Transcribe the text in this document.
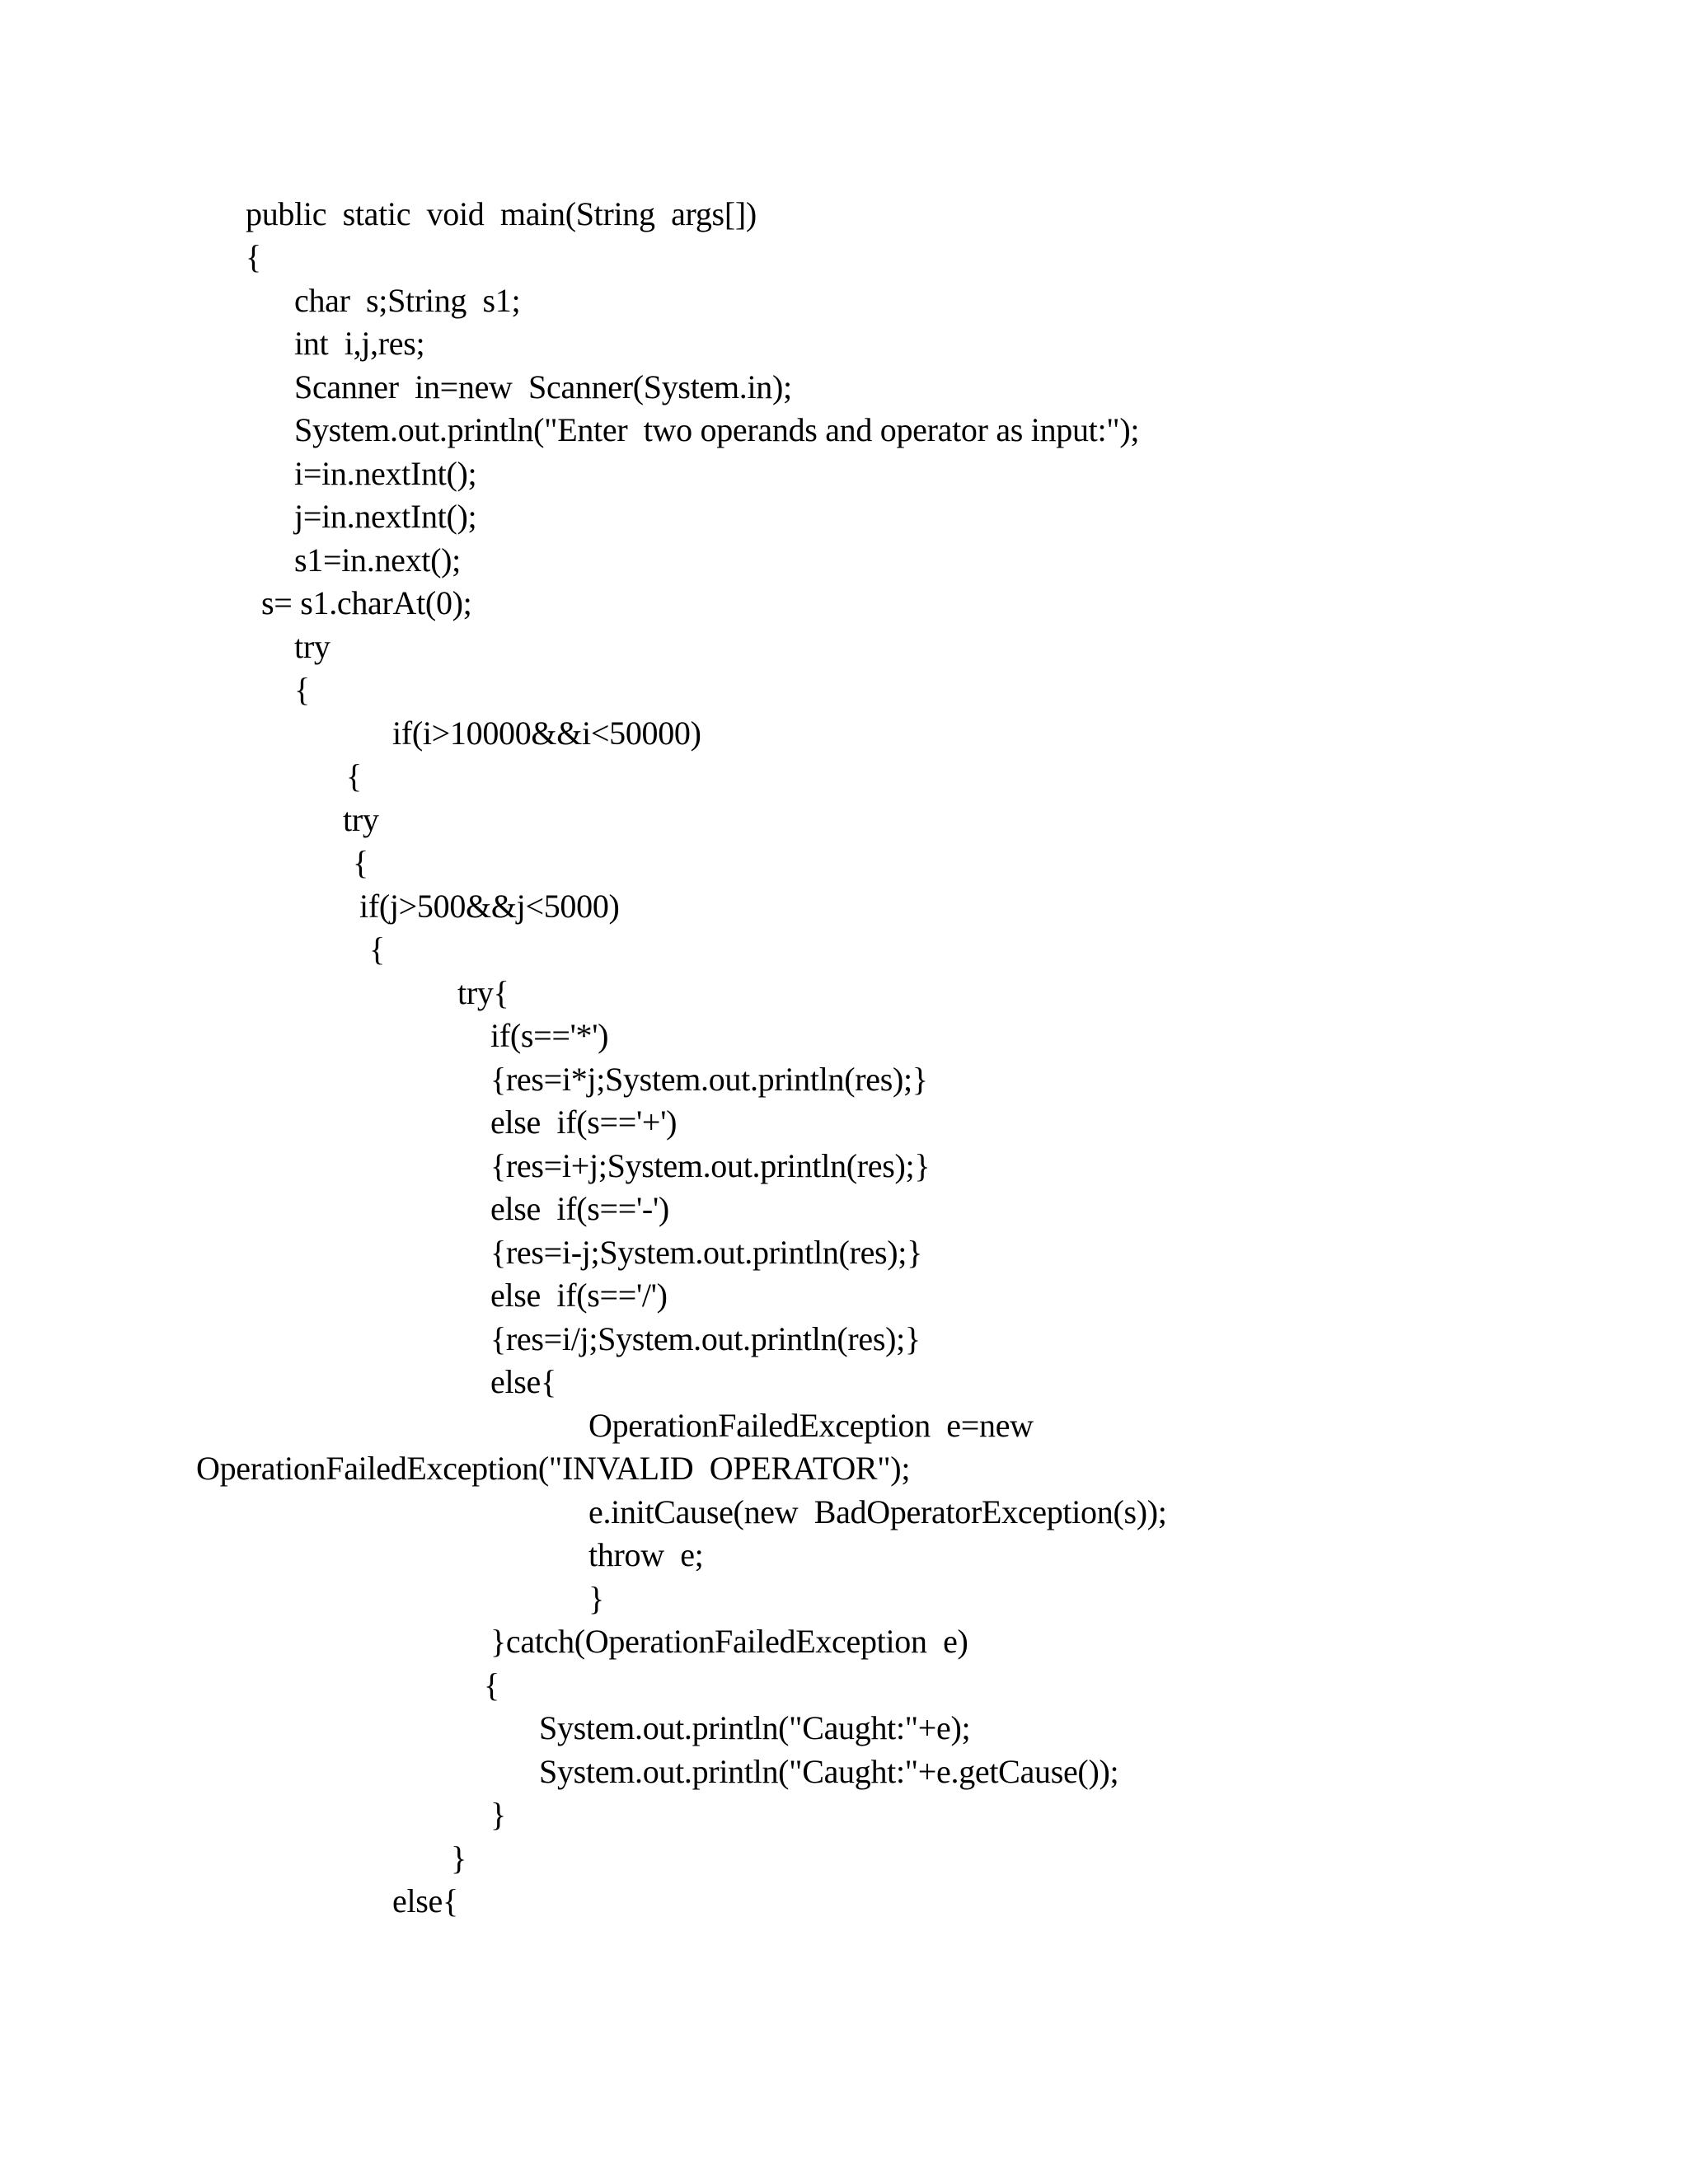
public  static  void  main(String  args[])
{
char  s;String  s1;
int  i,j,res;
Scanner  in=new  Scanner(System.in);
System.out.println("Enter  two operands and operator as input:");
i=in.nextInt();
j=in.nextInt();
s1=in.next();
s= s1.charAt(0);
try
{
if(i>10000&&i<50000)
{
try
{
if(j>500&&j<5000)
{
try{
if(s=='*')
{res=i*j;System.out.println(res);}
else  if(s=='+')
{res=i+j;System.out.println(res);}
else  if(s=='-')
{res=i-j;System.out.println(res);}
else  if(s=='/')
{res=i/j;System.out.println(res);}
else{
OperationFailedException  e=new
OperationFailedException("INVALID  OPERATOR");
e.initCause(new  BadOperatorException(s));
throw  e;
}
}catch(OperationFailedException  e)
{
System.out.println("Caught:"+e);
System.out.println("Caught:"+e.getCause());
}
}
else{
